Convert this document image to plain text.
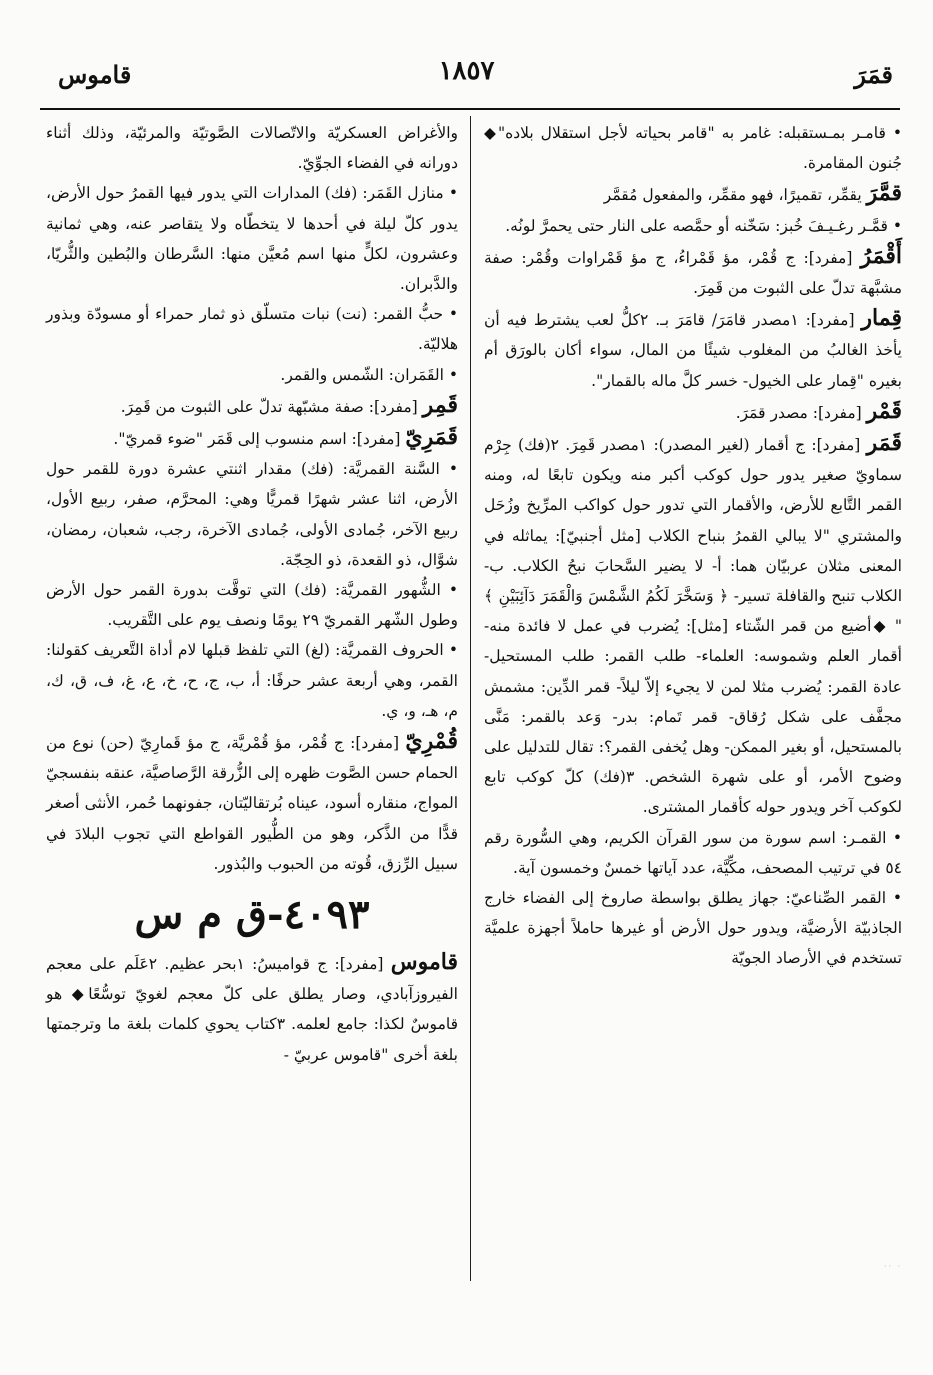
قمَرَ
١٨٥٧
قاموس

• قامـر بمـستقبله: غامر به "قامر بحياته لأجل استقلال بلاده"◆ جُنون المقامرة.

قمَّرَ يقمِّر، تقميرًا، فهو مقمِّر، والمفعول مُقمَّر

• قمَّـر رغـيـفَ خُبز: سَخّنه أو حمَّصه على النار حتى يحمرَّ لونُه.

أَقْمَرُ [مفرد]: ج قُمْر، مؤ قَمْراءُ، ج مؤ قَمْراوات وقُمْر: صفة مشبَّهة تدلّ على الثبوت من قَمِرَ.

قِمار [مفرد]: ١مصدر قامَرَ/ قامَرَ بـ. ٢كلُّ لعب يشترط فيه أن يأخذ الغالبُ من المغلوب شيئًا من المال، سواء أكان بالورَق أم بغيره "قِمار على الخيول- خسر كلَّ ماله بالقمار".

قَمْر [مفرد]: مصدر قمَرَ.

قَمَر [مفرد]: ج أقمار (لغير المصدر): ١مصدر قَمِرَ. ٢(فك) جِرْم سماويّ صغير يدور حول كوكب أكبر منه ويكون تابعًا له، ومنه القمر التَّابع للأرض، والأقمار التي تدور حول كواكب المرِّيخ وزُحَل والمشتري "لا يبالي القمرُ بنباح الكلاب [مثل أجنبيّ]: يماثله في المعنى مثلان عربيّان هما: أ- لا يضير السَّحابَ نبحُ الكلاب. ب- الكلاب تنبح والقافلة تسير- ﴿ وَسَخَّرَ لَكُمُ الشَّمْسَ وَالْقَمَرَ دَآئِبَيْنِ ﴾ " ◆أضيع من قمر الشّتاء [مثل]: يُضرب في عمل لا فائدة منه- أقمار العلم وشموسه: العلماء- طلب القمر: طلب المستحيل- عادة القمر: يُضرب مثلا لمن لا يجيء إلاّ ليلاً- قمر الدِّين: مشمش مجفَّف على شكل رُقاق- قمر تَمام: بدر- وَعد بالقمر: مَنَّى بالمستحيل، أو بغير الممكن- وهل يُخفى القمر؟: تقال للتدليل على وضوح الأمر، أو على شهرة الشخص. ٣(فك) كلّ كوكب تابع لكوكب آخر ويدور حوله كأقمار المشترى.

• القمـر: اسم سورة من سور القرآن الكريم، وهي السُّورة رقم ٥٤ في ترتيب المصحف، مكِّيَّة، عدد آياتها خمسٌ وخمسون آية.

• القمر الصِّناعيّ: جهاز يطلق بواسطة صاروخ إلى الفضاء خارج الجاذبيّة الأرضيَّة، ويدور حول الأرض أو غيرها حاملاً أجهزة علميَّة تستخدم في الأرصاد الجويّة

والأغراض العسكريّة والاتّصالات الصَّوتيّة والمرئيّة، وذلك أثناء دورانه في الفضاء الجوِّيّ.

• منازل القَمَر: (فك) المدارات التي يدور فيها القمرُ حول الأرض، يدور كلّ ليلة في أحدها لا يتخطّاه ولا يتقاصر عنه، وهي ثمانية وعشرون، لكلٍّ منها اسم مُعيَّن منها: السَّرطان والبُطين والثُّريّا، والدَّبران.

• حبُّ القمر: (نت) نبات متسلّق ذو ثمار حمراء أو مسودّة وبذور هلاليّة.

• القَمَران: الشّمس والقمر.

قَمِر [مفرد]: صفة مشبّهة تدلّ على الثبوت من قَمِرَ.

قَمَرِيّ [مفرد]: اسم منسوب إلى قَمَر "ضوء قمريّ".

• السَّنة القمريَّة: (فك) مقدار اثنتي عشرة دورة للقمر حول الأرض، اثنا عشر شهرًا قمريًّا وهي: المحرَّم، صفر، ربيع الأول، ربيع الآخر، جُمادى الأولى، جُمادى الآخرة، رجب، شعبان، رمضان، شوَّال، ذو القعدة، ذو الحِجّة.

• الشُّهور القمريَّة: (فك) التي توقَّت بدورة القمر حول الأرض وطول الشّهر القمريّ ٢٩ يومًا ونصف يوم على التَّقريب.

• الحروف القمريَّة: (لغ) التي تلفظ قبلها لام أداة التَّعريف كقولنا: القمر، وهي أربعة عشر حرفًا: أ، ب، ج، ح، خ، ع، غ، ف، ق، ك، م، هـ، و، ي.

قُمْرِيّ [مفرد]: ج قُمْر، مؤ قُمْريَّة، ج مؤ قَمارِيّ (حن) نوع من الحمام حسن الصَّوت ظهره إلى الزُّرقة الرَّصاصيَّة، عنقه بنفسجيّ المواج، منقاره أسود، عيناه بُرتقاليّتان، جفونهما حُمر، الأنثى أصغر قدًّا من الذَّكر، وهو من الطُّيور القواطع التي تجوب البلادَ في سبيل الرِّزق، قُوته من الحبوب والبُذور.

٤٠٩٣-ق م س

قاموس [مفرد]: ج قواميسُ: ١بحر عظيم. ٢عَلَم على معجم الفيروزآبادي، وصار يطلق على كلّ معجم لغويّ توسُّعًا◆ هو قاموسٌ لكذا: جامع لعلمه. ٣كتاب يحوي كلمات بلغة ما وترجمتها بلغة أخرى "قاموس عربيّ -

·· ·
